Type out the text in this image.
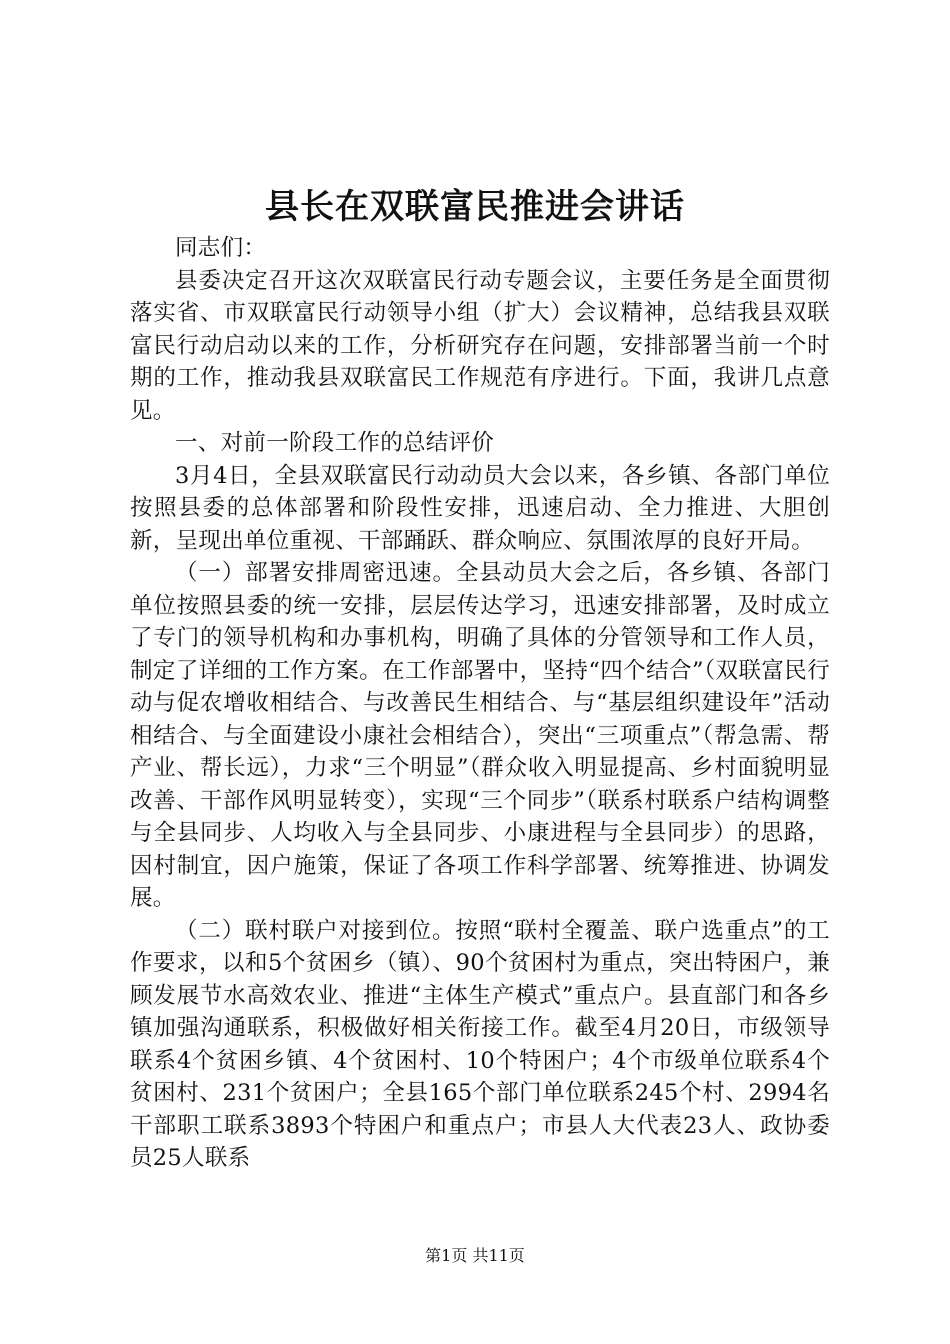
县长在双联富民推进会讲话

同志们：

县委决定召开这次双联富民行动专题会议，主要任务是全面贯彻落实省、市双联富民行动领导小组（扩大）会议精神，总结我县双联富民行动启动以来的工作，分析研究存在问题，安排部署当前一个时期的工作，推动我县双联富民工作规范有序进行。下面，我讲几点意见。

一、对前一阶段工作的总结评价

3月4日，全县双联富民行动动员大会以来，各乡镇、各部门单位按照县委的总体部署和阶段性安排，迅速启动、全力推进、大胆创新，呈现出单位重视、干部踊跃、群众响应、氛围浓厚的良好开局。

（一）部署安排周密迅速。全县动员大会之后，各乡镇、各部门单位按照县委的统一安排，层层传达学习，迅速安排部署，及时成立了专门的领导机构和办事机构，明确了具体的分管领导和工作人员，制定了详细的工作方案。在工作部署中，坚持“四个结合”（双联富民行动与促农增收相结合、与改善民生相结合、与“基层组织建设年”活动相结合、与全面建设小康社会相结合），突出“三项重点”（帮急需、帮产业、帮长远），力求“三个明显”（群众收入明显提高、乡村面貌明显改善、干部作风明显转变），实现“三个同步”（联系村联系户结构调整与全县同步、人均收入与全县同步、小康进程与全县同步）的思路，因村制宜，因户施策，保证了各项工作科学部署、统筹推进、协调发展。

（二）联村联户对接到位。按照“联村全覆盖、联户选重点”的工作要求，以和5个贫困乡（镇）、90个贫困村为重点，突出特困户，兼顾发展节水高效农业、推进“主体生产模式”重点户。县直部门和各乡镇加强沟通联系，积极做好相关衔接工作。截至4月20日，市级领导联系4个贫困乡镇、4个贫困村、10个特困户；4个市级单位联系4个贫困村、231个贫困户；全县165个部门单位联系245个村、2994名干部职工联系3893个特困户和重点户；市县人大代表23人、政协委员25人联系

第1页 共11页
